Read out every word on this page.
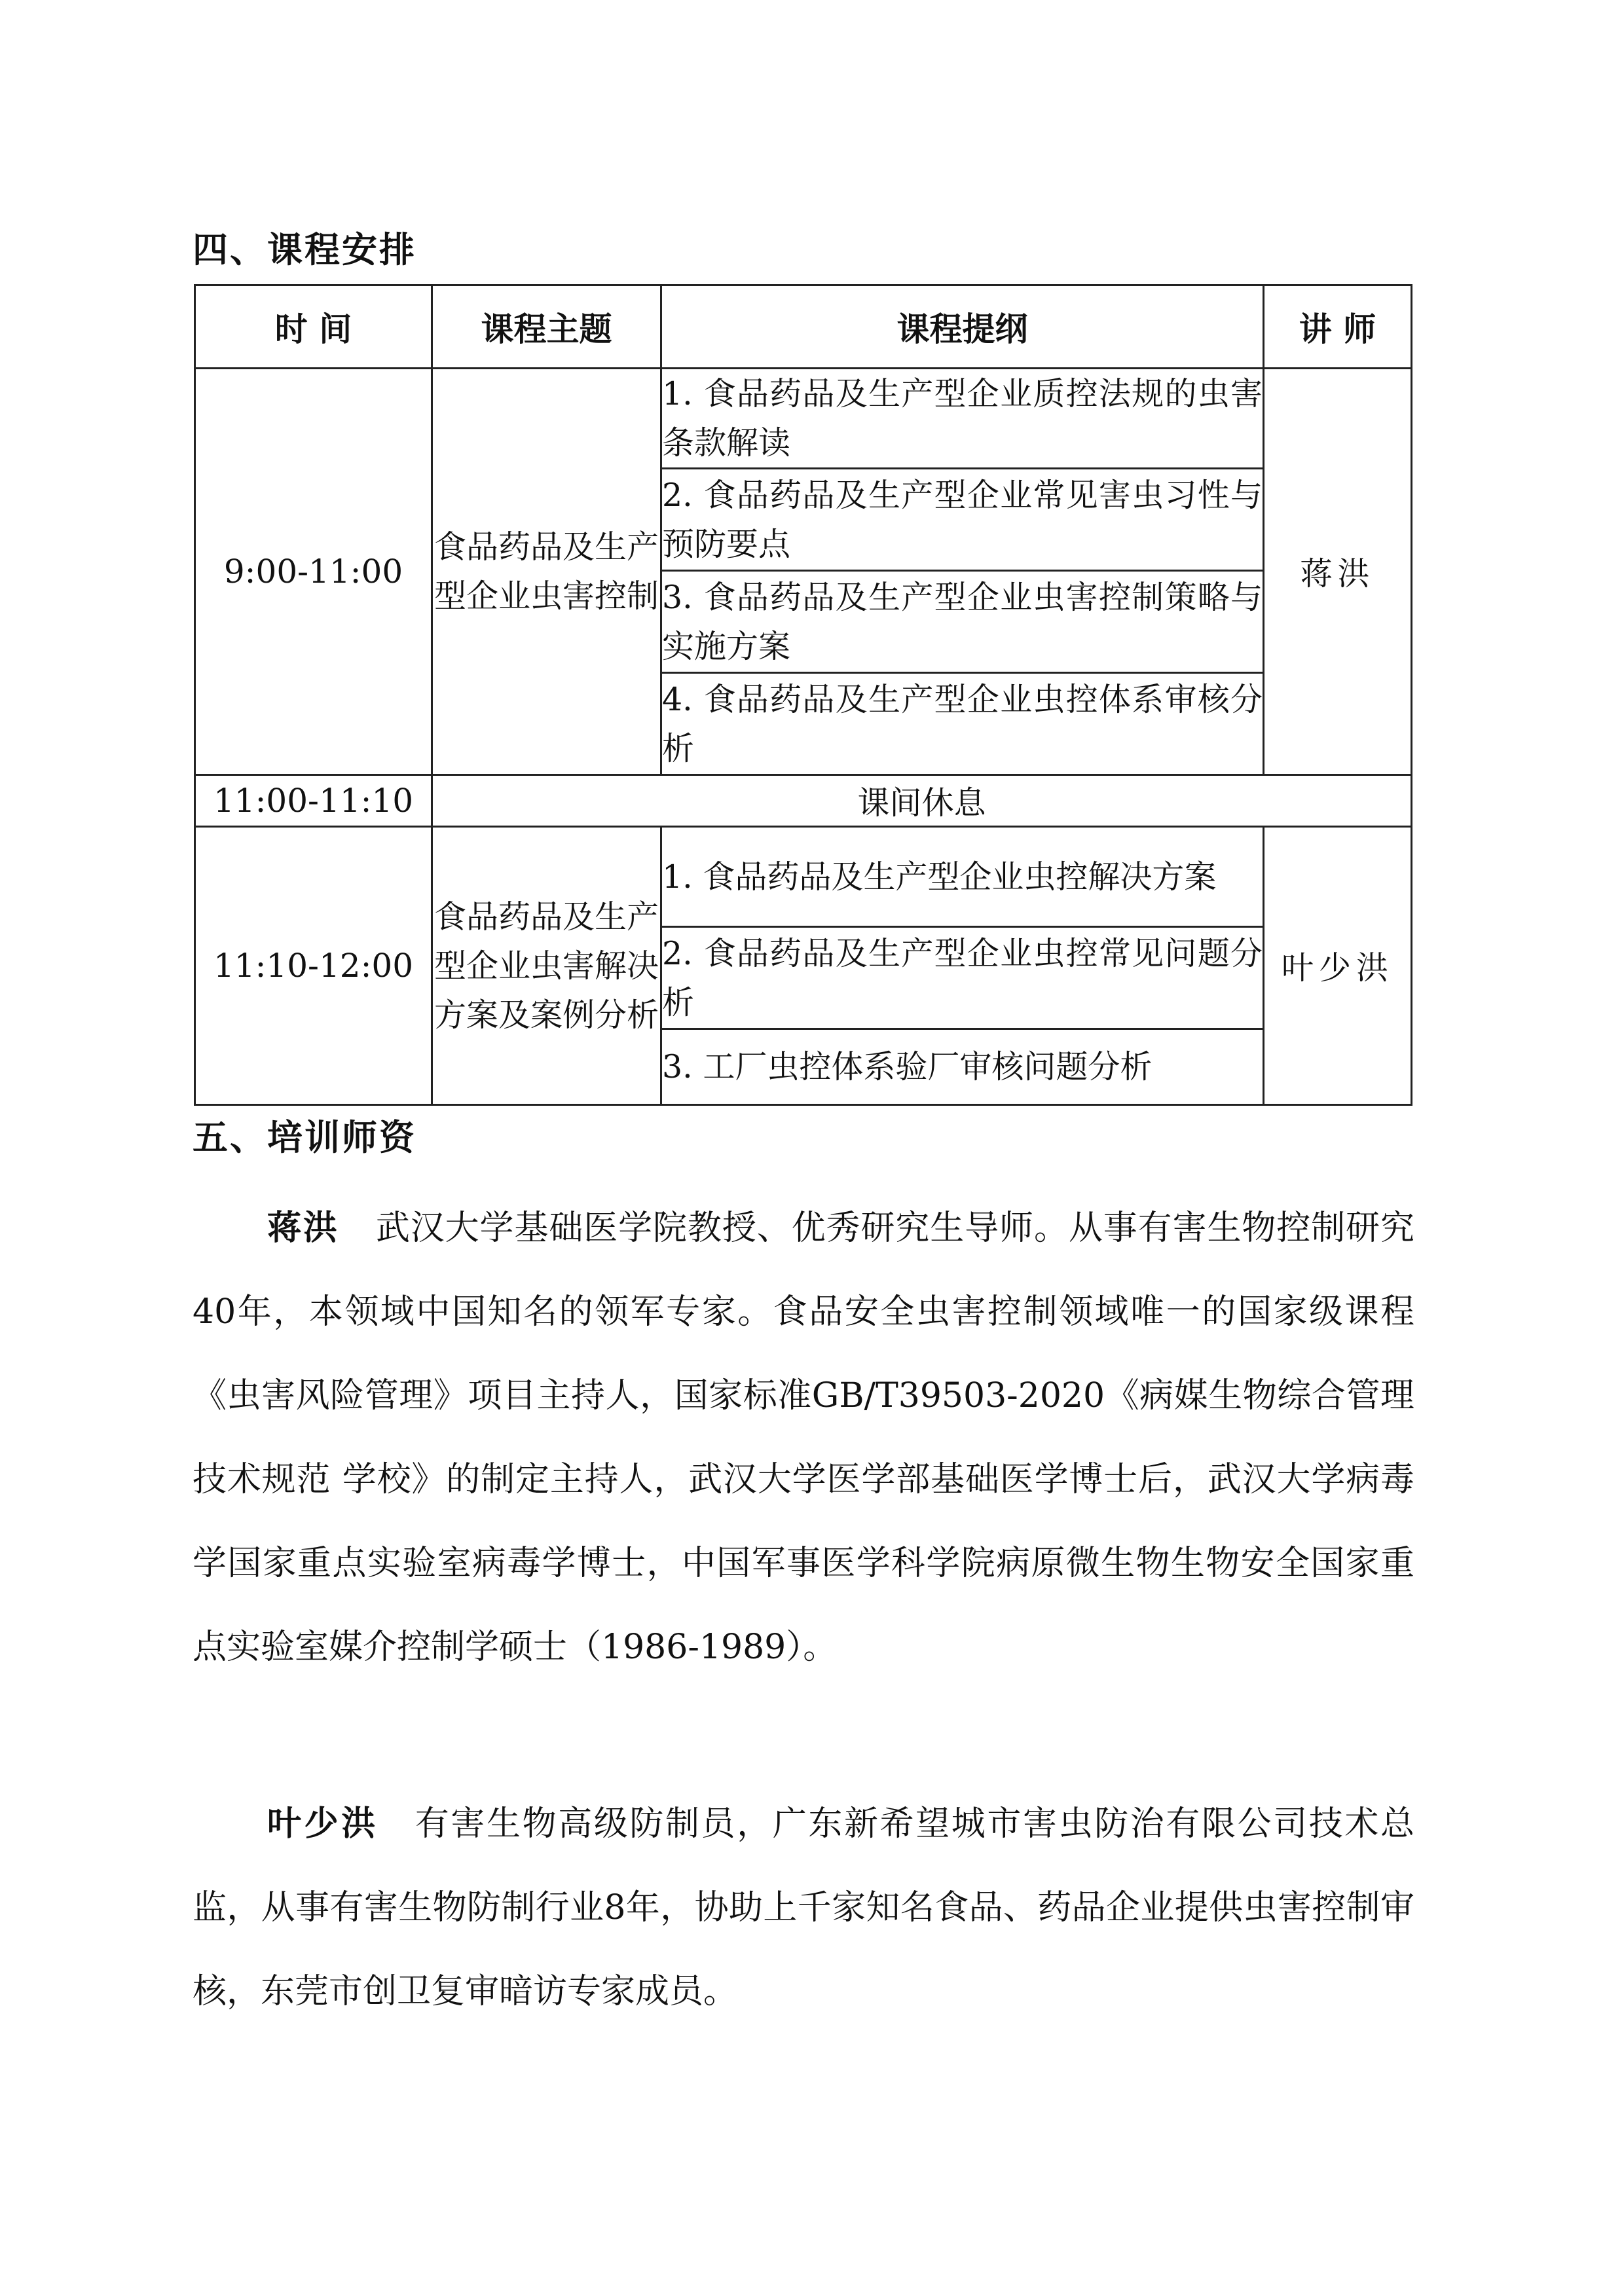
四、课程安排
时 间	课程主题	课程提纲	讲 师
9:00-11:00	食品药品及生产型企业虫害控制	1. 食品药品及生产型企业质控法规的虫害条款解读	蒋洪
		2. 食品药品及生产型企业常见害虫习性与预防要点	
		3. 食品药品及生产型企业虫害控制策略与实施方案	
		4. 食品药品及生产型企业虫控体系审核分析	
11:00-11:10	课间休息		
11:10-12:00	食品药品及生产型企业虫害解决方案及案例分析	1. 食品药品及生产型企业虫控解决方案	叶少洪
		2. 食品药品及生产型企业虫控常见问题分析	
		3. 工厂虫控体系验厂审核问题分析	
五、培训师资
蒋洪 武汉大学基础医学院教授、优秀研究生导师。从事有害生物控制研究40年，本领域中国知名的领军专家。食品安全虫害控制领域唯一的国家级课程《虫害风险管理》项目主持人，国家标准GB/T39503-2020《病媒生物综合管理技术规范 学校》的制定主持人，武汉大学医学部基础医学博士后，武汉大学病毒学国家重点实验室病毒学博士，中国军事医学科学院病原微生物生物安全国家重点实验室媒介控制学硕士（1986-1989）。
叶少洪 有害生物高级防制员，广东新希望城市害虫防治有限公司技术总监，从事有害生物防制行业8年，协助上千家知名食品、药品企业提供虫害控制审核，东莞市创卫复审暗访专家成员。
